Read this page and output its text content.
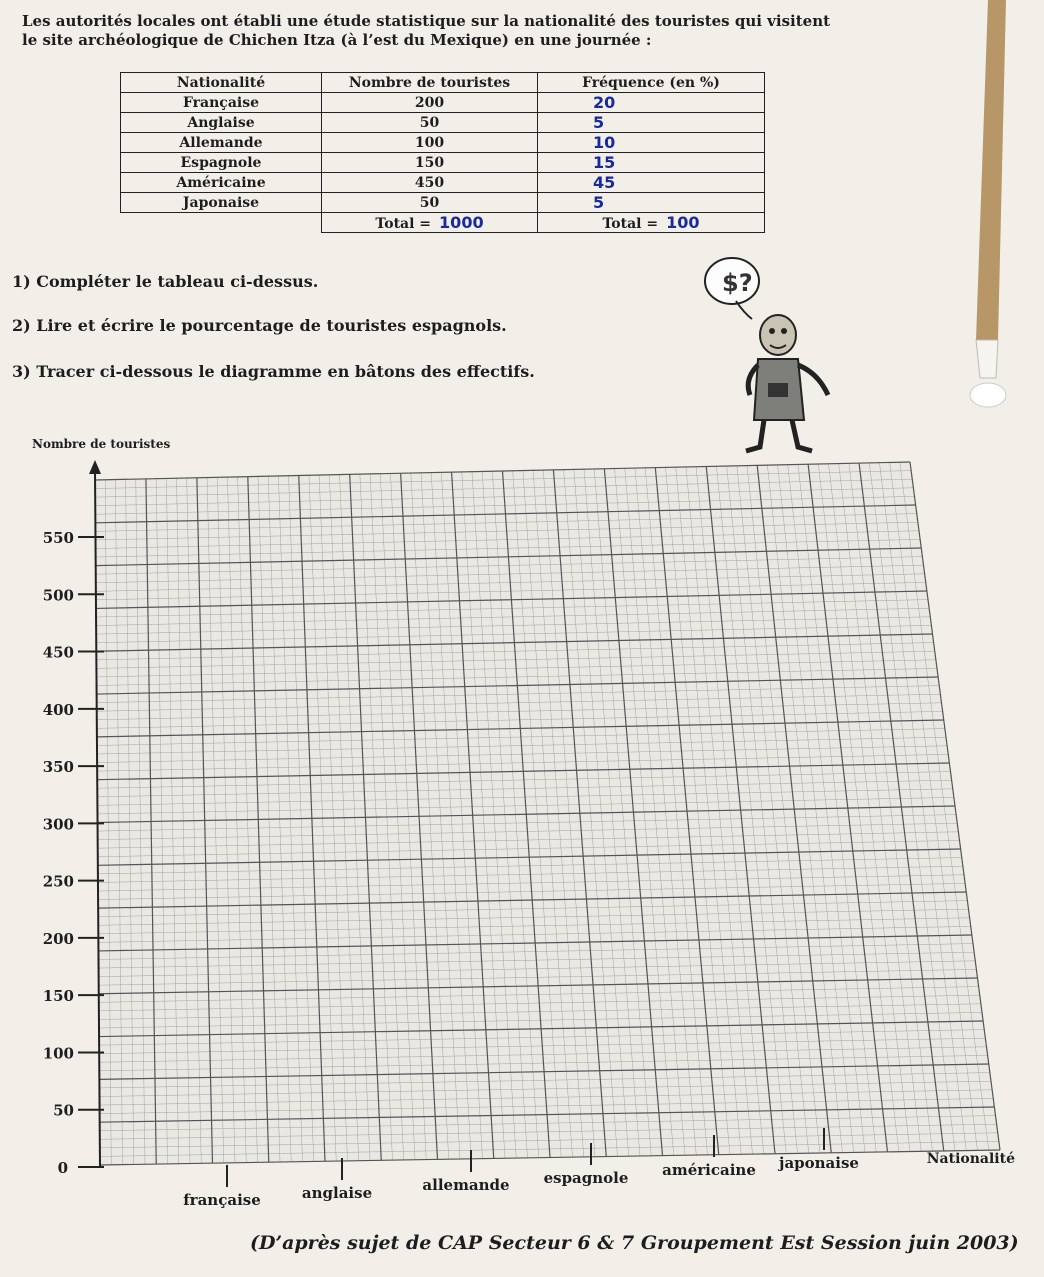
Les autorités locales ont établi une étude statistique sur la nationalité des touristes qui visitent le site archéologique de Chichen Itza (à l’est du Mexique) en une journée :
Nationalité	Nombre de touristes	Fréquence (en %)
Française	200	20
Anglaise	50	5
Allemande	100	10
Espagnole	150	15
Américaine	450	45
Japonaise	50	5
	Total = 1000	Total = 100
1) Compléter le tableau ci-dessus.
2) Lire et écrire le pourcentage de touristes espagnols.
3) Tracer ci-dessous le diagramme en bâtons des effectifs.
$?
Nombre de touristes
0
50
100
150
200
250
300
350
400
450
500
550
française	anglaise	allemande espagnole américaine japonaise	Nationalité
(D’après sujet de CAP Secteur 6 & 7 Groupement Est Session juin 2003)
